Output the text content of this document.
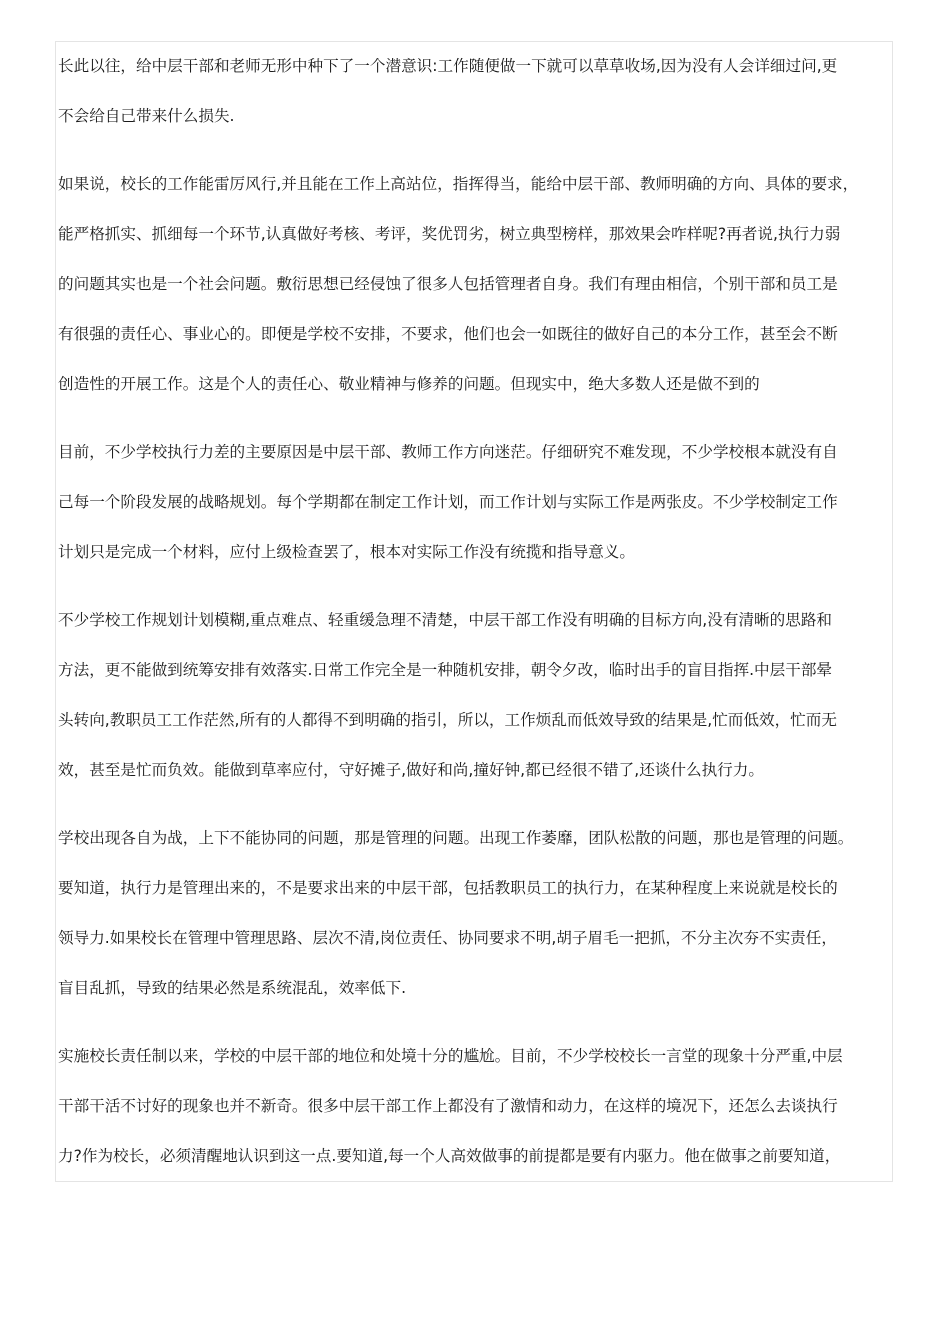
长此以往，给中层干部和老师无形中种下了一个潜意识:工作随便做一下就可以草草收场,因为没有人会详细过问,更
不会给自己带来什么损失.
如果说，校长的工作能雷厉风行,并且能在工作上高站位，指挥得当，能给中层干部、教师明确的方向、具体的要求，
能严格抓实、抓细每一个环节,认真做好考核、考评，奖优罚劣，树立典型榜样，那效果会咋样呢?再者说,执行力弱
的问题其实也是一个社会问题。敷衍思想已经侵蚀了很多人包括管理者自身。我们有理由相信，个别干部和员工是
有很强的责任心、事业心的。即便是学校不安排，不要求，他们也会一如既往的做好自己的本分工作，甚至会不断
创造性的开展工作。这是个人的责任心、敬业精神与修养的问题。但现实中，绝大多数人还是做不到的
目前，不少学校执行力差的主要原因是中层干部、教师工作方向迷茫。仔细研究不难发现，不少学校根本就没有自
己每一个阶段发展的战略规划。每个学期都在制定工作计划，而工作计划与实际工作是两张皮。不少学校制定工作
计划只是完成一个材料，应付上级检查罢了，根本对实际工作没有统揽和指导意义。
不少学校工作规划计划模糊,重点难点、轻重缓急理不清楚，中层干部工作没有明确的目标方向,没有清晰的思路和
方法，更不能做到统筹安排有效落实.日常工作完全是一种随机安排，朝令夕改，临时出手的盲目指挥.中层干部晕
头转向,教职员工工作茫然,所有的人都得不到明确的指引，所以，工作烦乱而低效导致的结果是,忙而低效，忙而无
效，甚至是忙而负效。能做到草率应付，守好摊子,做好和尚,撞好钟,都已经很不错了,还谈什么执行力。
学校出现各自为战，上下不能协同的问题，那是管理的问题。出现工作萎靡，团队松散的问题，那也是管理的问题。
要知道，执行力是管理出来的，不是要求出来的中层干部，包括教职员工的执行力，在某种程度上来说就是校长的
领导力.如果校长在管理中管理思路、层次不清,岗位责任、协同要求不明,胡子眉毛一把抓，不分主次夯不实责任，
盲目乱抓，导致的结果必然是系统混乱，效率低下.
实施校长责任制以来，学校的中层干部的地位和处境十分的尴尬。目前，不少学校校长一言堂的现象十分严重,中层
干部干活不讨好的现象也并不新奇。很多中层干部工作上都没有了激情和动力，在这样的境况下，还怎么去谈执行
力?作为校长，必须清醒地认识到这一点.要知道,每一个人高效做事的前提都是要有内驱力。他在做事之前要知道，
